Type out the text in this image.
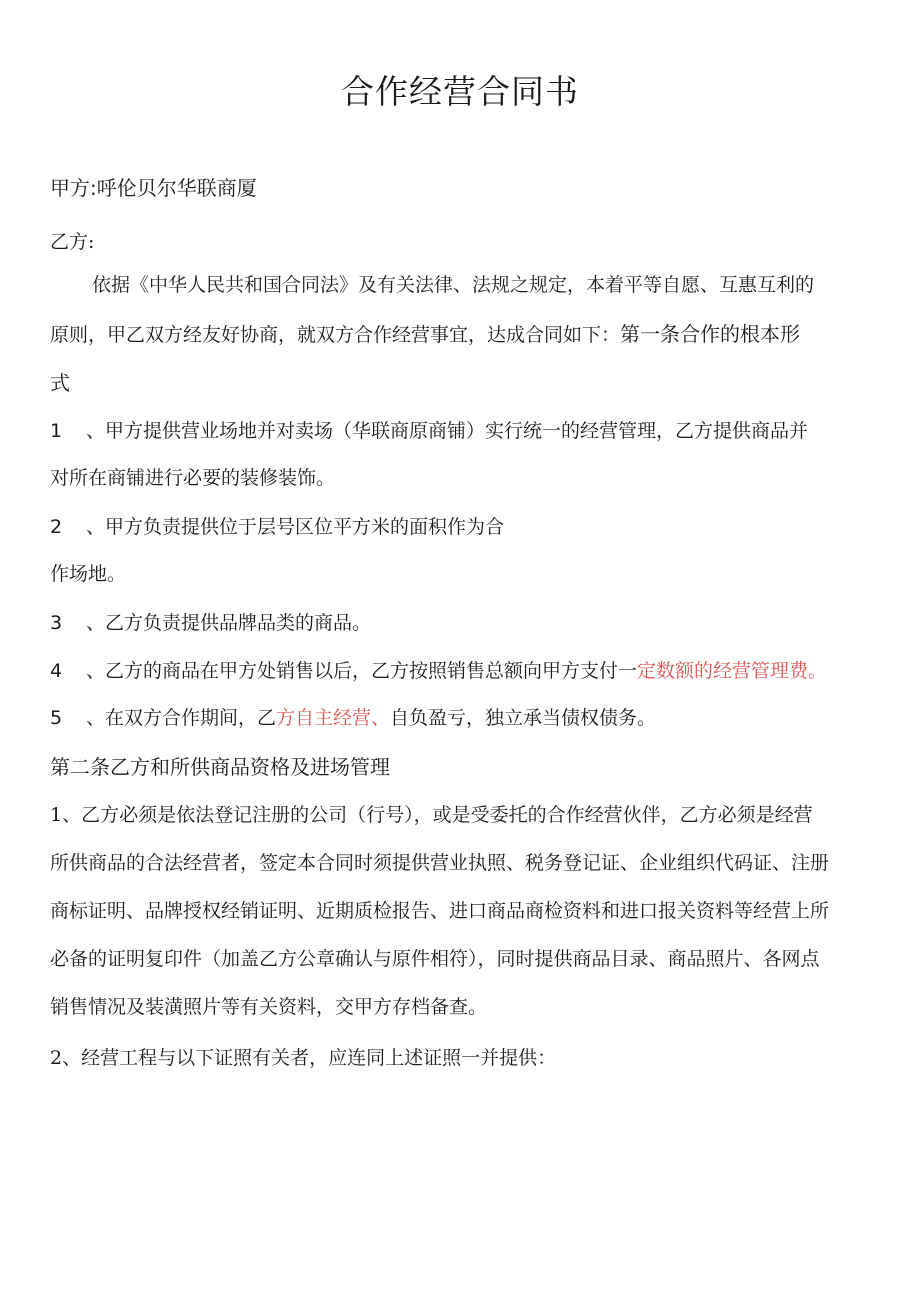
合作经营合同书
甲方:呼伦贝尔华联商厦
乙方:
依据《中华人民共和国合同法》及有关法律、法规之规定，本着平等自愿、互惠互利的
原则，甲乙双方经友好协商，就双方合作经营事宜，达成合同如下：第一条合作的根本形
式
1 、甲方提供营业场地并对卖场（华联商原商铺）实行统一的经营管理，乙方提供商品并
对所在商铺进行必要的装修装饰。
2 、甲方负责提供位于层号区位平方米的面积作为合
作场地。
3 、乙方负责提供品牌品类的商品。
4 、乙方的商品在甲方处销售以后，乙方按照销售总额向甲方支付一定数额的经营管理费。
5 、在双方合作期间，乙方自主经营、自负盈亏，独立承当债权债务。
第二条乙方和所供商品资格及进场管理
1、乙方必须是依法登记注册的公司（行号），或是受委托的合作经营伙伴，乙方必须是经营
所供商品的合法经营者，签定本合同时须提供营业执照、税务登记证、企业组织代码证、注册
商标证明、品牌授权经销证明、近期质检报告、进口商品商检资料和进口报关资料等经营上所
必备的证明复印件（加盖乙方公章确认与原件相符），同时提供商品目录、商品照片、各网点
销售情况及装潢照片等有关资料，交甲方存档备查。
2、经营工程与以下证照有关者，应连同上述证照一并提供：
